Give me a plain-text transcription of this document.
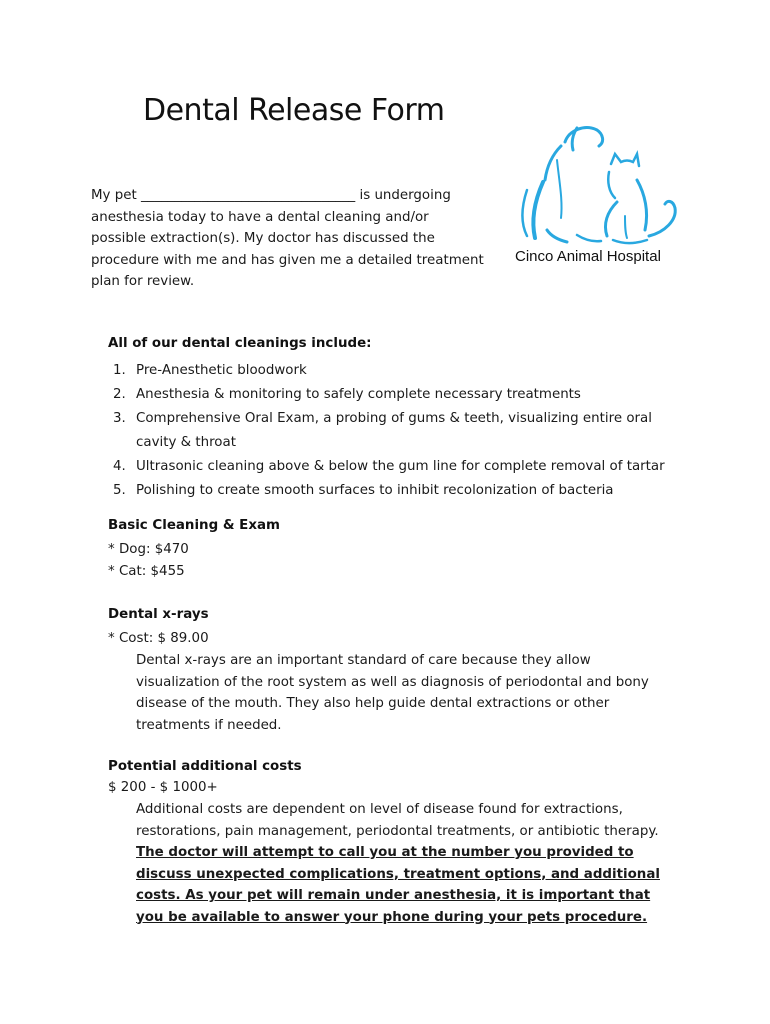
Dental Release Form

My pet ________________________________ is undergoing anesthesia today to have a dental cleaning and/or possible extraction(s). My doctor has discussed the procedure with me and has given me a detailed treatment plan for review.

Cinco Animal Hospital
All of our dental cleanings include:
1. Pre-Anesthetic bloodwork
2. Anesthesia & monitoring to safely complete necessary treatments
3. Comprehensive Oral Exam, a probing of gums & teeth, visualizing entire oral cavity & throat
4. Ultrasonic cleaning above & below the gum line for complete removal of tartar
5. Polishing to create smooth surfaces to inhibit recolonization of bacteria
Basic Cleaning & Exam

* Dog: $470

* Cat: $455

Dental x-rays

* Cost: $ 89.00

Dental x-rays are an important standard of care because they allow visualization of the root system as well as diagnosis of periodontal and bony disease of the mouth. They also help guide dental extractions or other treatments if needed.

Potential additional costs

$ 200 - $ 1000+

Additional costs are dependent on level of disease found for extractions, restorations, pain management, periodontal treatments, or antibiotic therapy.

The doctor will attempt to call you at the number you provided to discuss unexpected complications, treatment options, and additional costs. As your pet will remain under anesthesia, it is important that you be available to answer your phone during your pets procedure.
